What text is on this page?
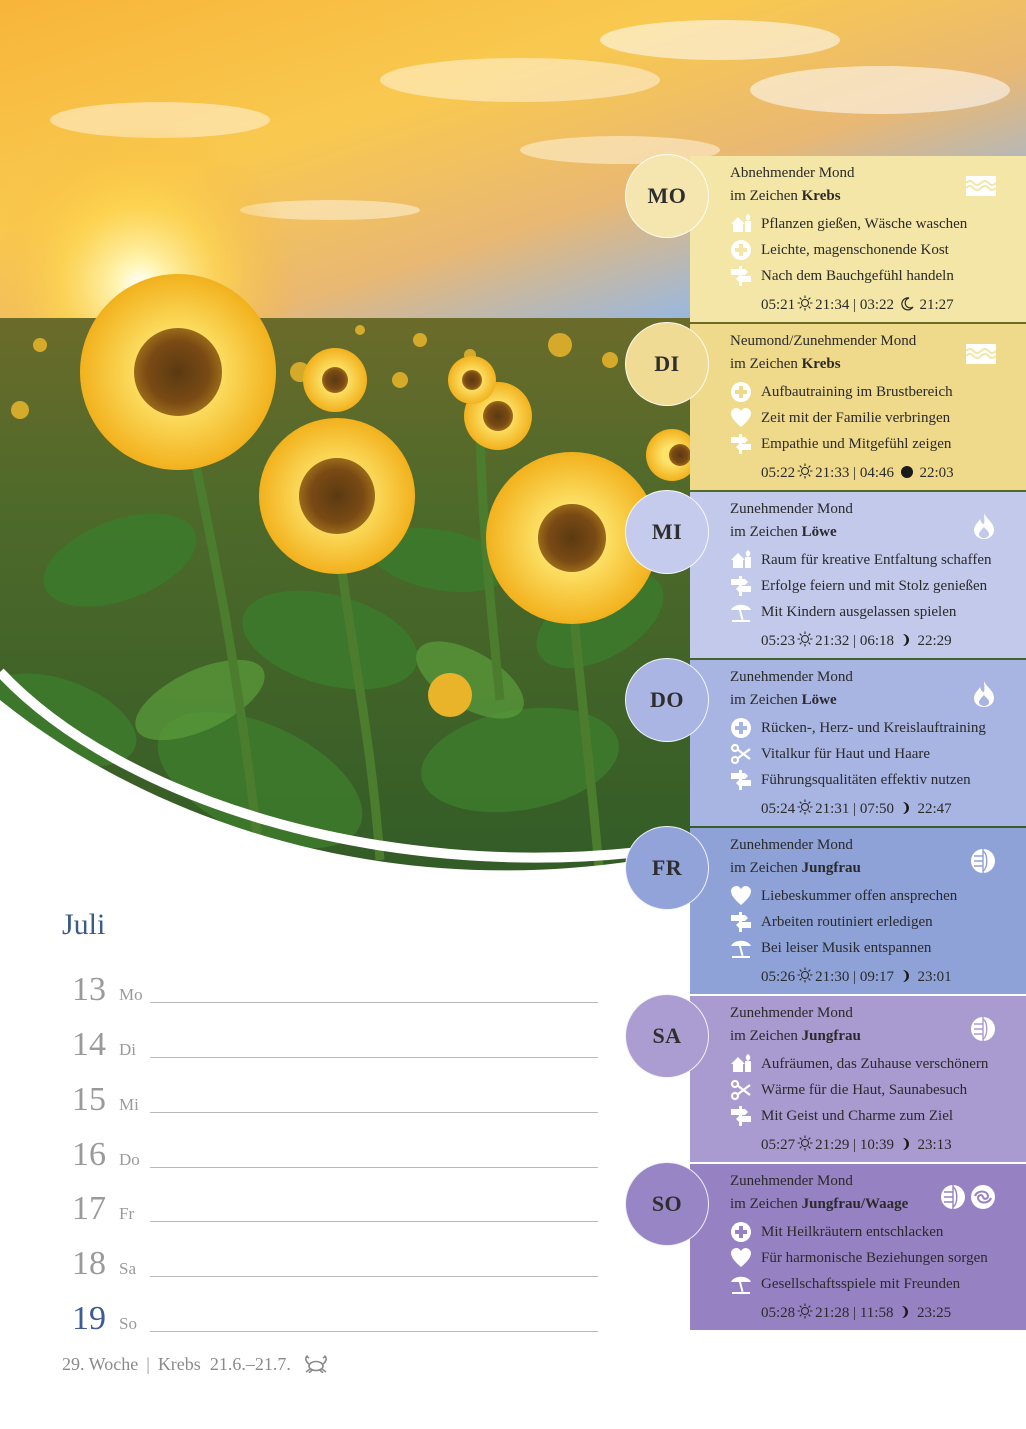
Juli
13 Mo
14 Di
15 Mi
16 Do
17 Fr
18 Sa
19 So
29. Woche | Krebs 21.6.–21.7.
Abnehmender Mond
im Zeichen Krebs
Pflanzen gießen, Wäsche waschen
Leichte, magenschonende Kost
Nach dem Bauchgefühl handeln
05:21 21:34 | 03:22 21:27
MO
Neumond/Zunehmender Mond
im Zeichen Krebs
Aufbautraining im Brustbereich
Zeit mit der Familie verbringen
Empathie und Mitgefühl zeigen
05:22 21:33 | 04:46 22:03
DI
Zunehmender Mond
im Zeichen Löwe
Raum für kreative Entfaltung schaffen
Erfolge feiern und mit Stolz genießen
Mit Kindern ausgelassen spielen
05:23 21:32 | 06:18 22:29
MI
Zunehmender Mond
im Zeichen Löwe
Rücken-, Herz- und Kreislauftraining
Vitalkur für Haut und Haare
Führungsqualitäten effektiv nutzen
05:24 21:31 | 07:50 22:47
DO
Zunehmender Mond
im Zeichen Jungfrau
Liebeskummer offen ansprechen
Arbeiten routiniert erledigen
Bei leiser Musik entspannen
05:26 21:30 | 09:17 23:01
FR
Zunehmender Mond
im Zeichen Jungfrau
Aufräumen, das Zuhause verschönern
Wärme für die Haut, Saunabesuch
Mit Geist und Charme zum Ziel
05:27 21:29 | 10:39 23:13
SA
Zunehmender Mond
im Zeichen Jungfrau/Waage

Mit Heilkräutern entschlacken
Für harmonische Beziehungen sorgen
Gesellschaftsspiele mit Freunden
05:28 21:28 | 11:58 23:25
SO
